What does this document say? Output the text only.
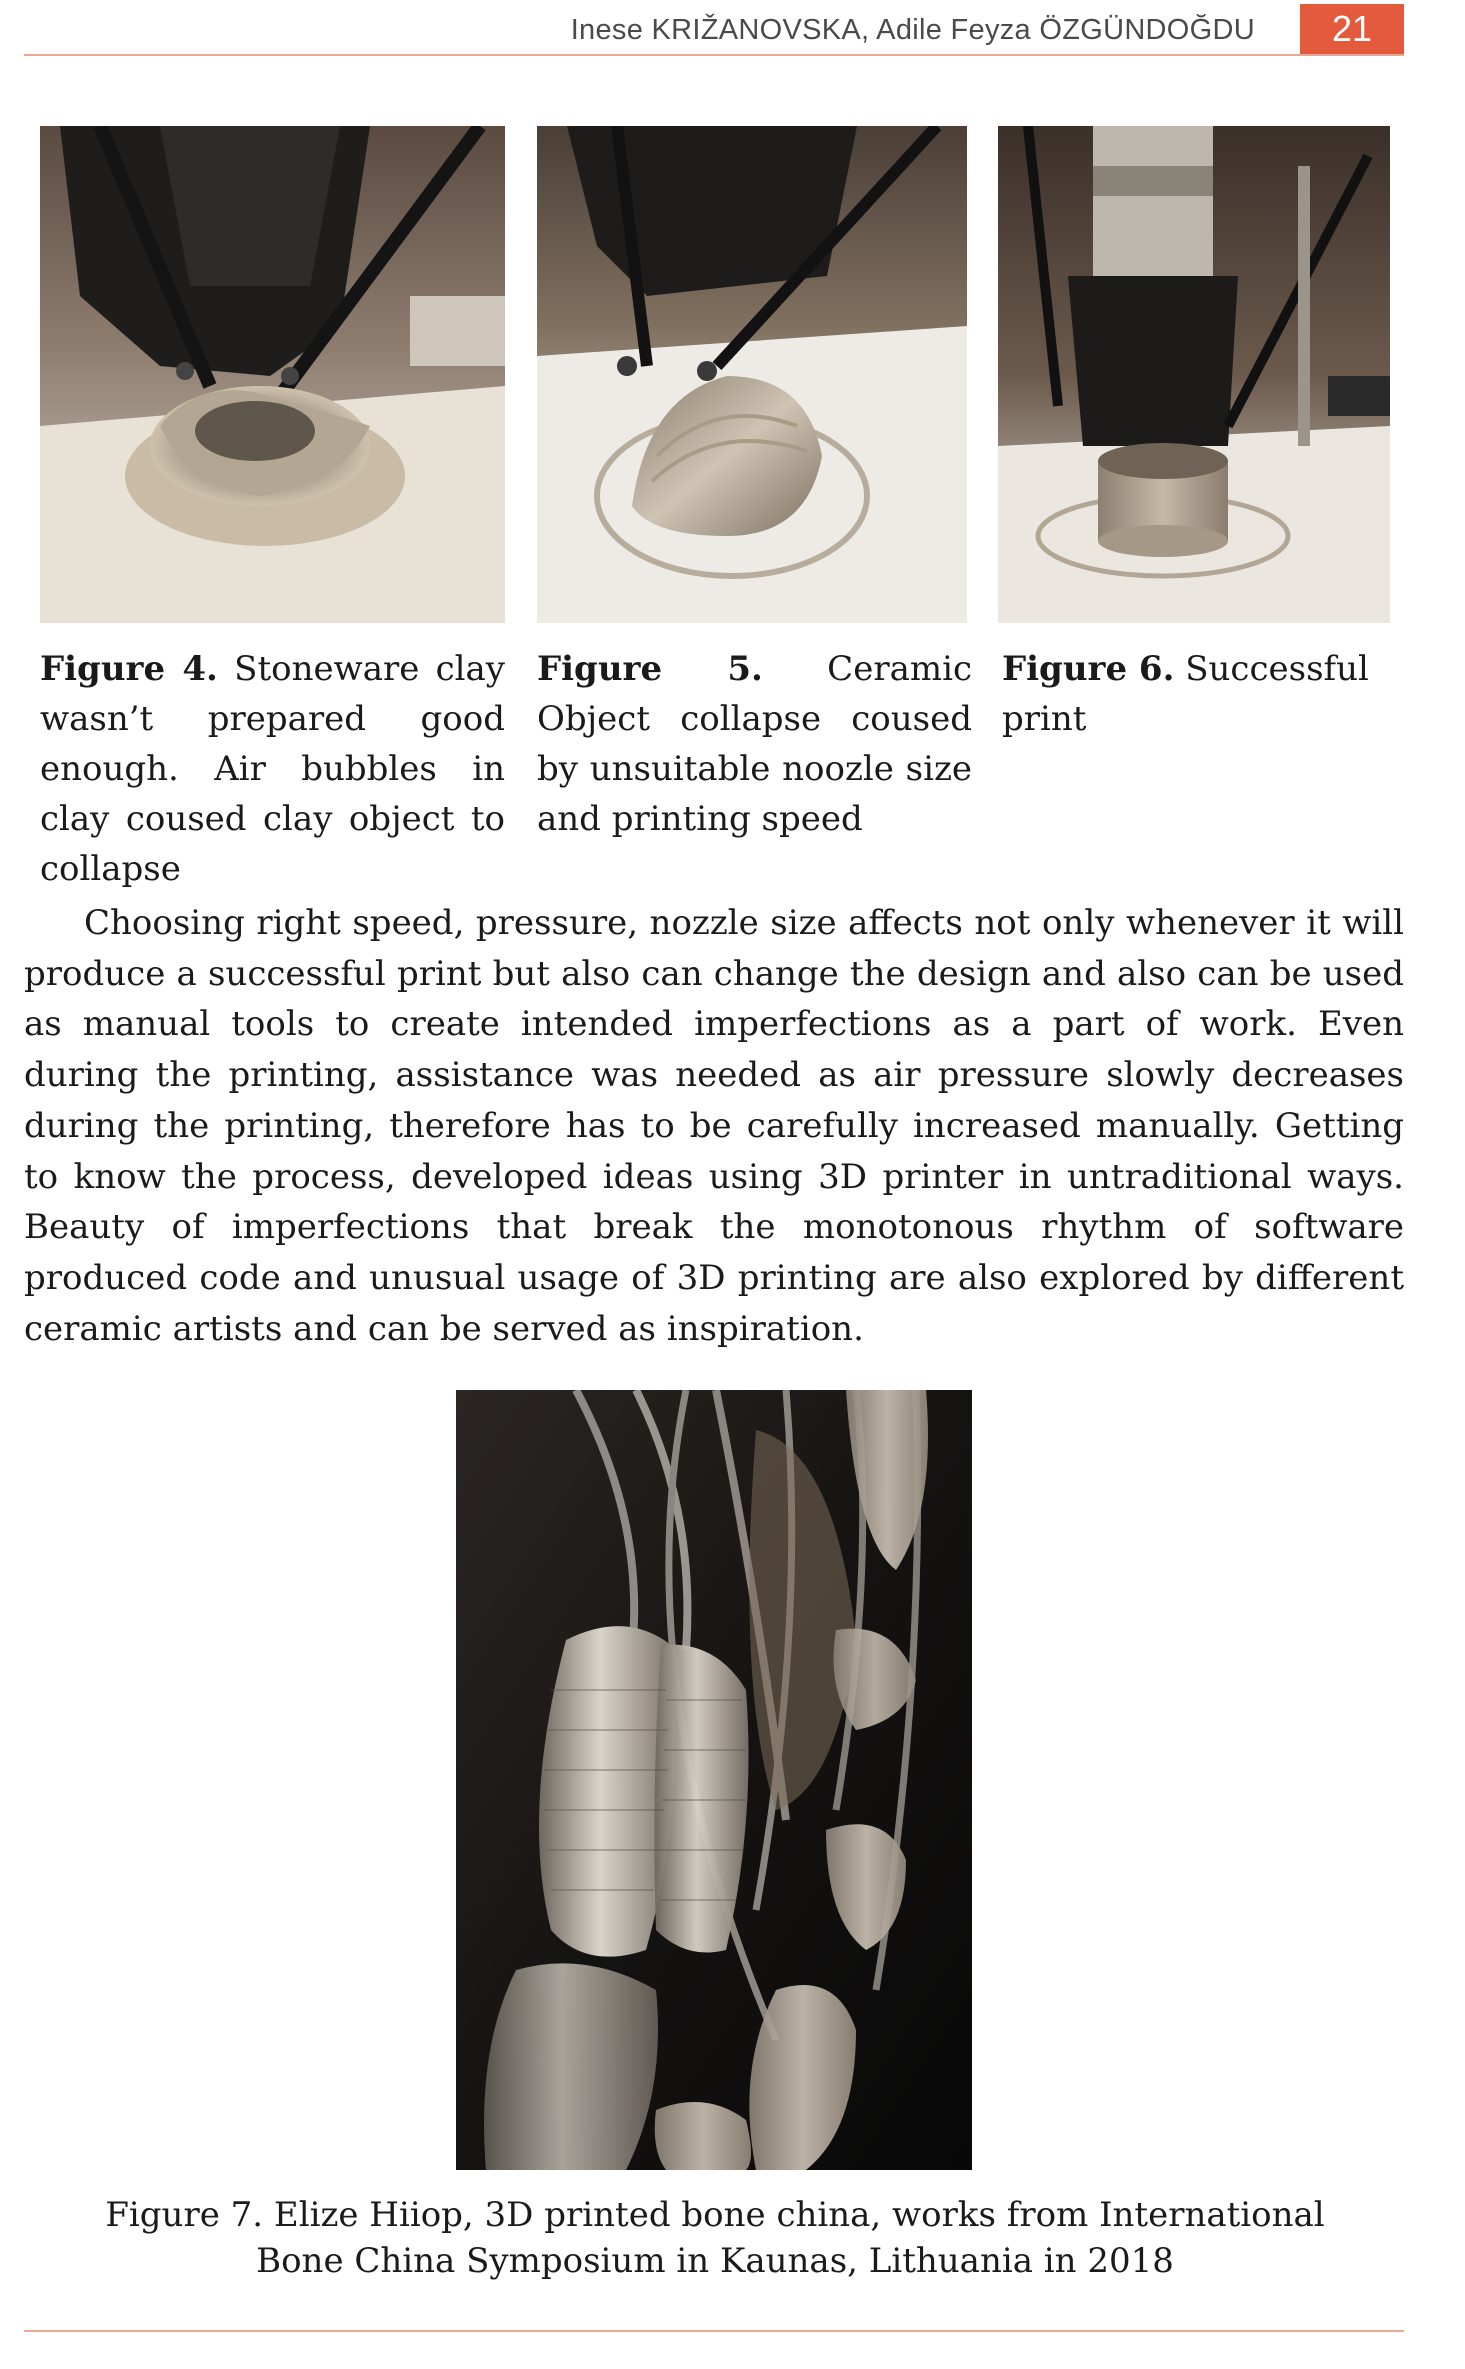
Inese KRIŽANOVSKA, Adile Feyza ÖZGÜNDOĞDU	21
Figure 4. Stoneware clay wasn’t prepared good enough. Air bubbles in clay coused clay object to collapse
Figure 5. Ceramic Object collapse coused by unsuitable noozle size and printing speed
Figure 6. Successful print

Choosing right speed, pressure, nozzle size affects not only whenever it will produce a successful print but also can change the design and also can be used as manual tools to create intended imperfections as a part of work. Even during the printing, assistance was needed as air pressure slowly decreases during the printing, therefore has to be carefully increased manually. Getting to know the process, developed ideas using 3D printer in untraditional ways. Beauty of imperfections that break the monotonous rhythm of software produced code and unusual usage of 3D printing are also explored by different ceramic artists and can be served as inspiration.

Figure 7. Elize Hiiop, 3D printed bone china, works from International Bone China Symposium in Kaunas, Lithuania in 2018
